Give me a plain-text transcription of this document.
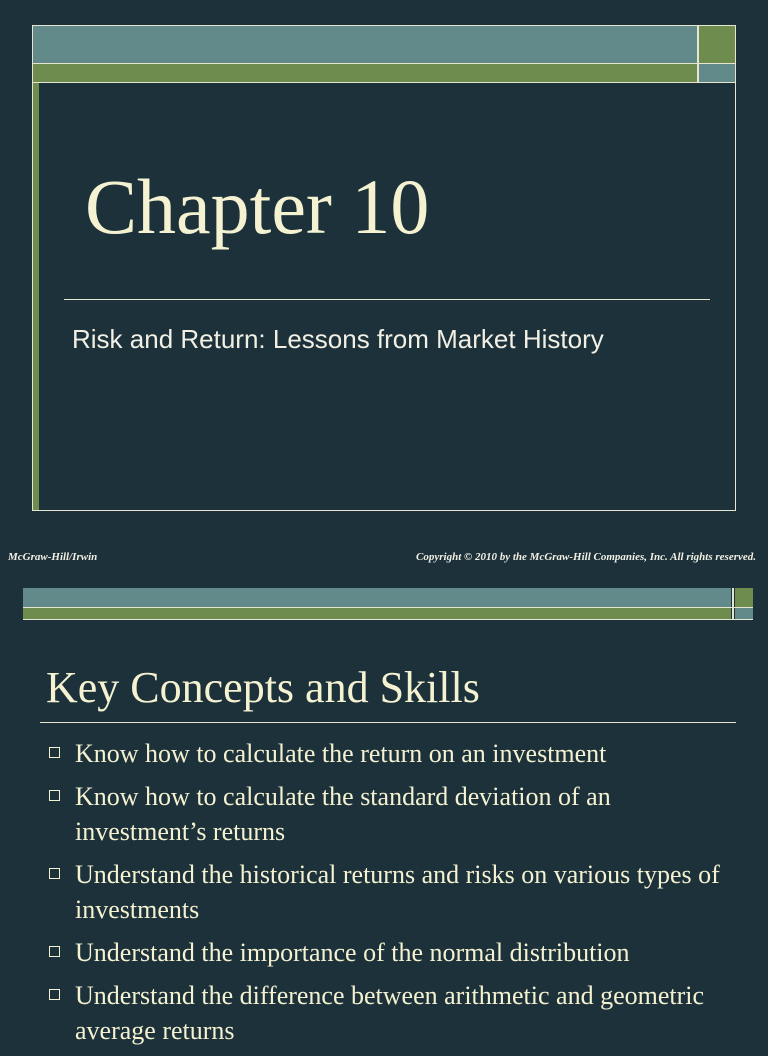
Chapter 10
Risk and Return: Lessons from Market History
McGraw-Hill/Irwin	Copyright © 2010 by the McGraw-Hill Companies, Inc. All rights reserved.
Key Concepts and Skills
Know how to calculate the return on an investment
Know how to calculate the standard deviation of an investment’s returns
Understand the historical returns and risks on various types of investments
Understand the importance of the normal distribution
Understand the difference between arithmetic and geometric average returns
